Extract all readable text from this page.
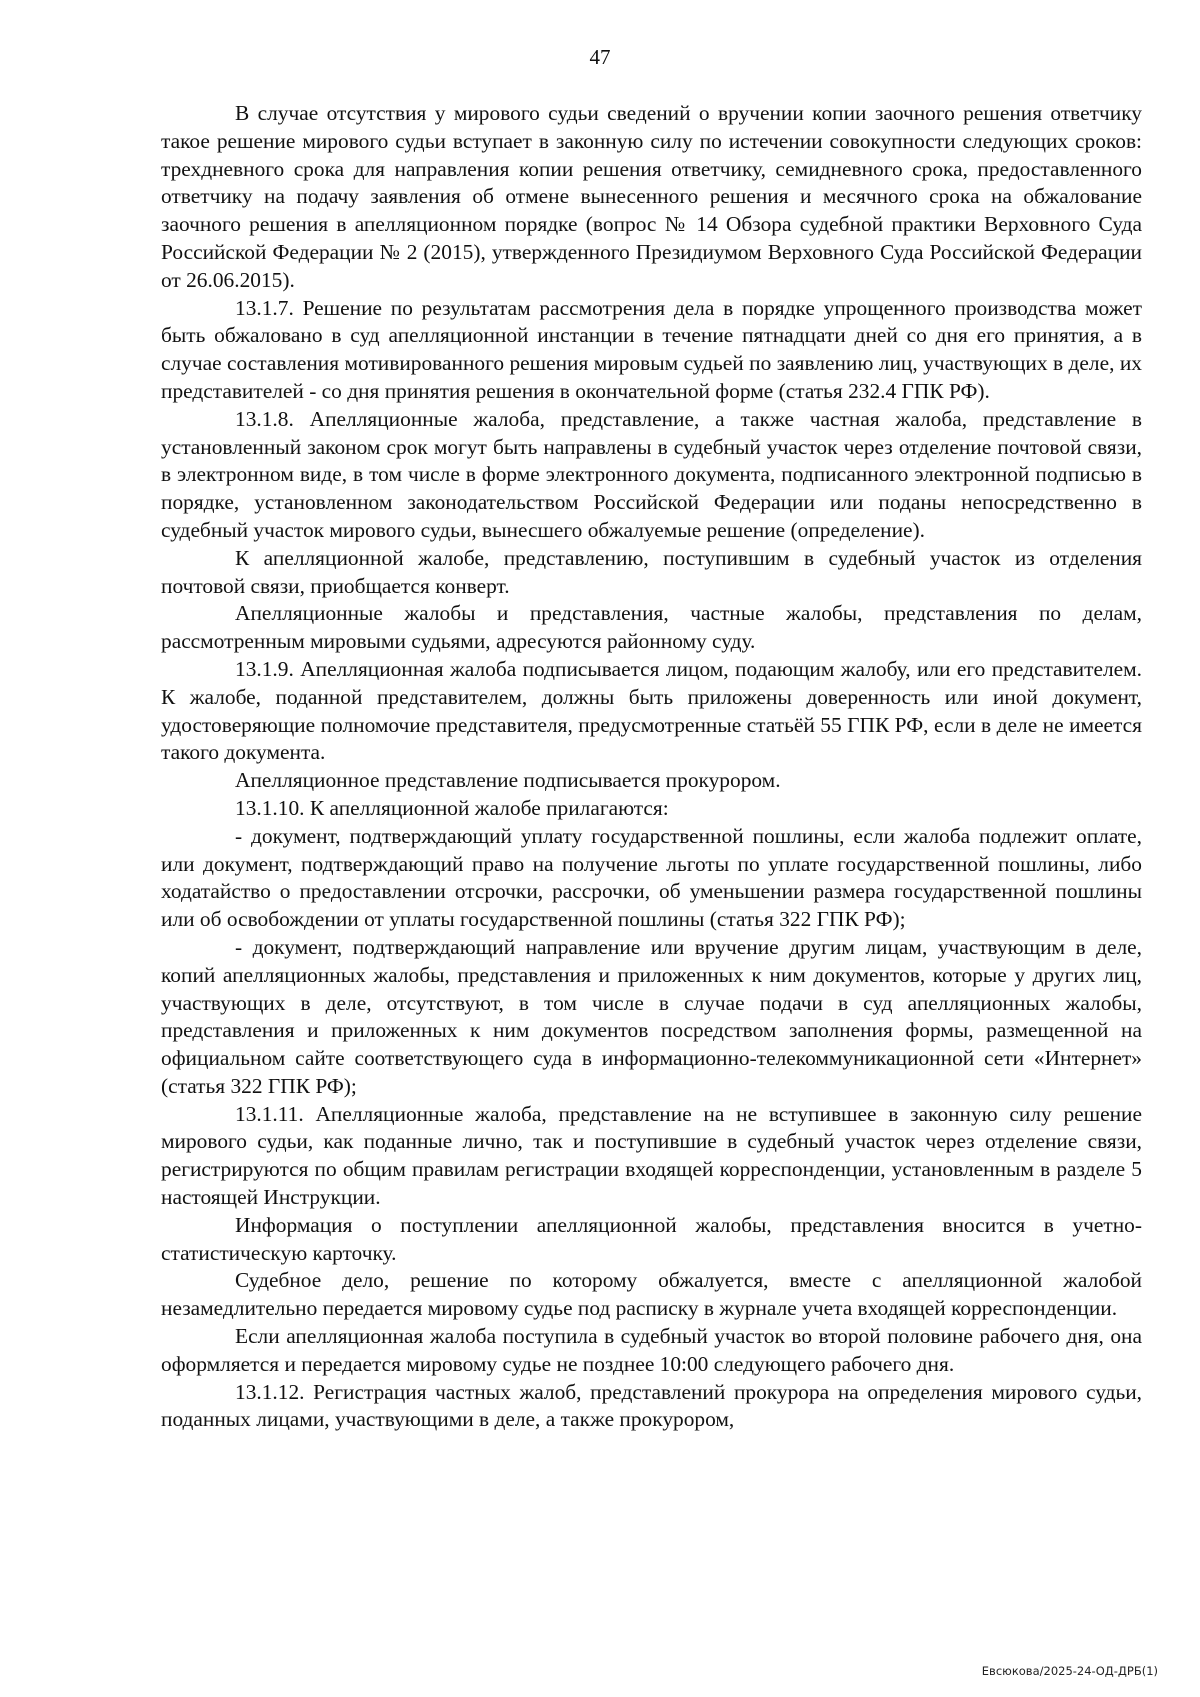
47

В случае отсутствия у мирового судьи сведений о вручении копии заочного решения ответчику такое решение мирового судьи вступает в законную силу по истечении совокупности следующих сроков: трехдневного срока для направления копии решения ответчику, семидневного срока, предоставленного ответчику на подачу заявления об отмене вынесенного решения и месячного срока на обжалование заочного решения в апелляционном порядке (вопрос № 14 Обзора судебной практики Верховного Суда Российской Федерации № 2 (2015), утвержденного Президиумом Верховного Суда Российской Федерации от 26.06.2015).

13.1.7. Решение по результатам рассмотрения дела в порядке упрощенного производства может быть обжаловано в суд апелляционной инстанции в течение пятнадцати дней со дня его принятия, а в случае составления мотивированного решения мировым судьей по заявлению лиц, участвующих в деле, их представителей - со дня принятия решения в окончательной форме (статья 232.4 ГПК РФ).

13.1.8. Апелляционные жалоба, представление, а также частная жалоба, представление в установленный законом срок могут быть направлены в судебный участок через отделение почтовой связи, в электронном виде, в том числе в форме электронного документа, подписанного электронной подписью в порядке, установленном законодательством Российской Федерации или поданы непосредственно в судебный участок мирового судьи, вынесшего обжалуемые решение (определение).

К апелляционной жалобе, представлению, поступившим в судебный участок из отделения почтовой связи, приобщается конверт.

Апелляционные жалобы и представления, частные жалобы, представления по делам, рассмотренным мировыми судьями, адресуются районному суду.

13.1.9. Апелляционная жалоба подписывается лицом, подающим жалобу, или его представителем. К жалобе, поданной представителем, должны быть приложены доверенность или иной документ, удостоверяющие полномочие представителя, предусмотренные статьёй 55 ГПК РФ, если в деле не имеется такого документа.

Апелляционное представление подписывается прокурором.

13.1.10. К апелляционной жалобе прилагаются:

- документ, подтверждающий уплату государственной пошлины, если жалоба подлежит оплате, или документ, подтверждающий право на получение льготы по уплате государственной пошлины, либо ходатайство о предоставлении отсрочки, рассрочки, об уменьшении размера государственной пошлины или об освобождении от уплаты государственной пошлины (статья 322 ГПК РФ);

- документ, подтверждающий направление или вручение другим лицам, участвующим в деле, копий апелляционных жалобы, представления и приложенных к ним документов, которые у других лиц, участвующих в деле, отсутствуют, в том числе в случае подачи в суд апелляционных жалобы, представления и приложенных к ним документов посредством заполнения формы, размещенной на официальном сайте соответствующего суда в информационно-телекоммуникационной сети «Интернет» (статья 322 ГПК РФ);

13.1.11. Апелляционные жалоба, представление на не вступившее в законную силу решение мирового судьи, как поданные лично, так и поступившие в судебный участок через отделение связи, регистрируются по общим правилам регистрации входящей корреспонденции, установленным в разделе 5 настоящей Инструкции.

Информация о поступлении апелляционной жалобы, представления вносится в учетно-статистическую карточку.

Судебное дело, решение по которому обжалуется, вместе с апелляционной жалобой незамедлительно передается мировому судье под расписку в журнале учета входящей корреспонденции.

Если апелляционная жалоба поступила в судебный участок во второй половине рабочего дня, она оформляется и передается мировому судье не позднее 10:00 следующего рабочего дня.

13.1.12. Регистрация частных жалоб, представлений прокурора на определения мирового судьи, поданных лицами, участвующими в деле, а также прокурором,

Евсюкова/2025-24-ОД-ДРБ(1)
